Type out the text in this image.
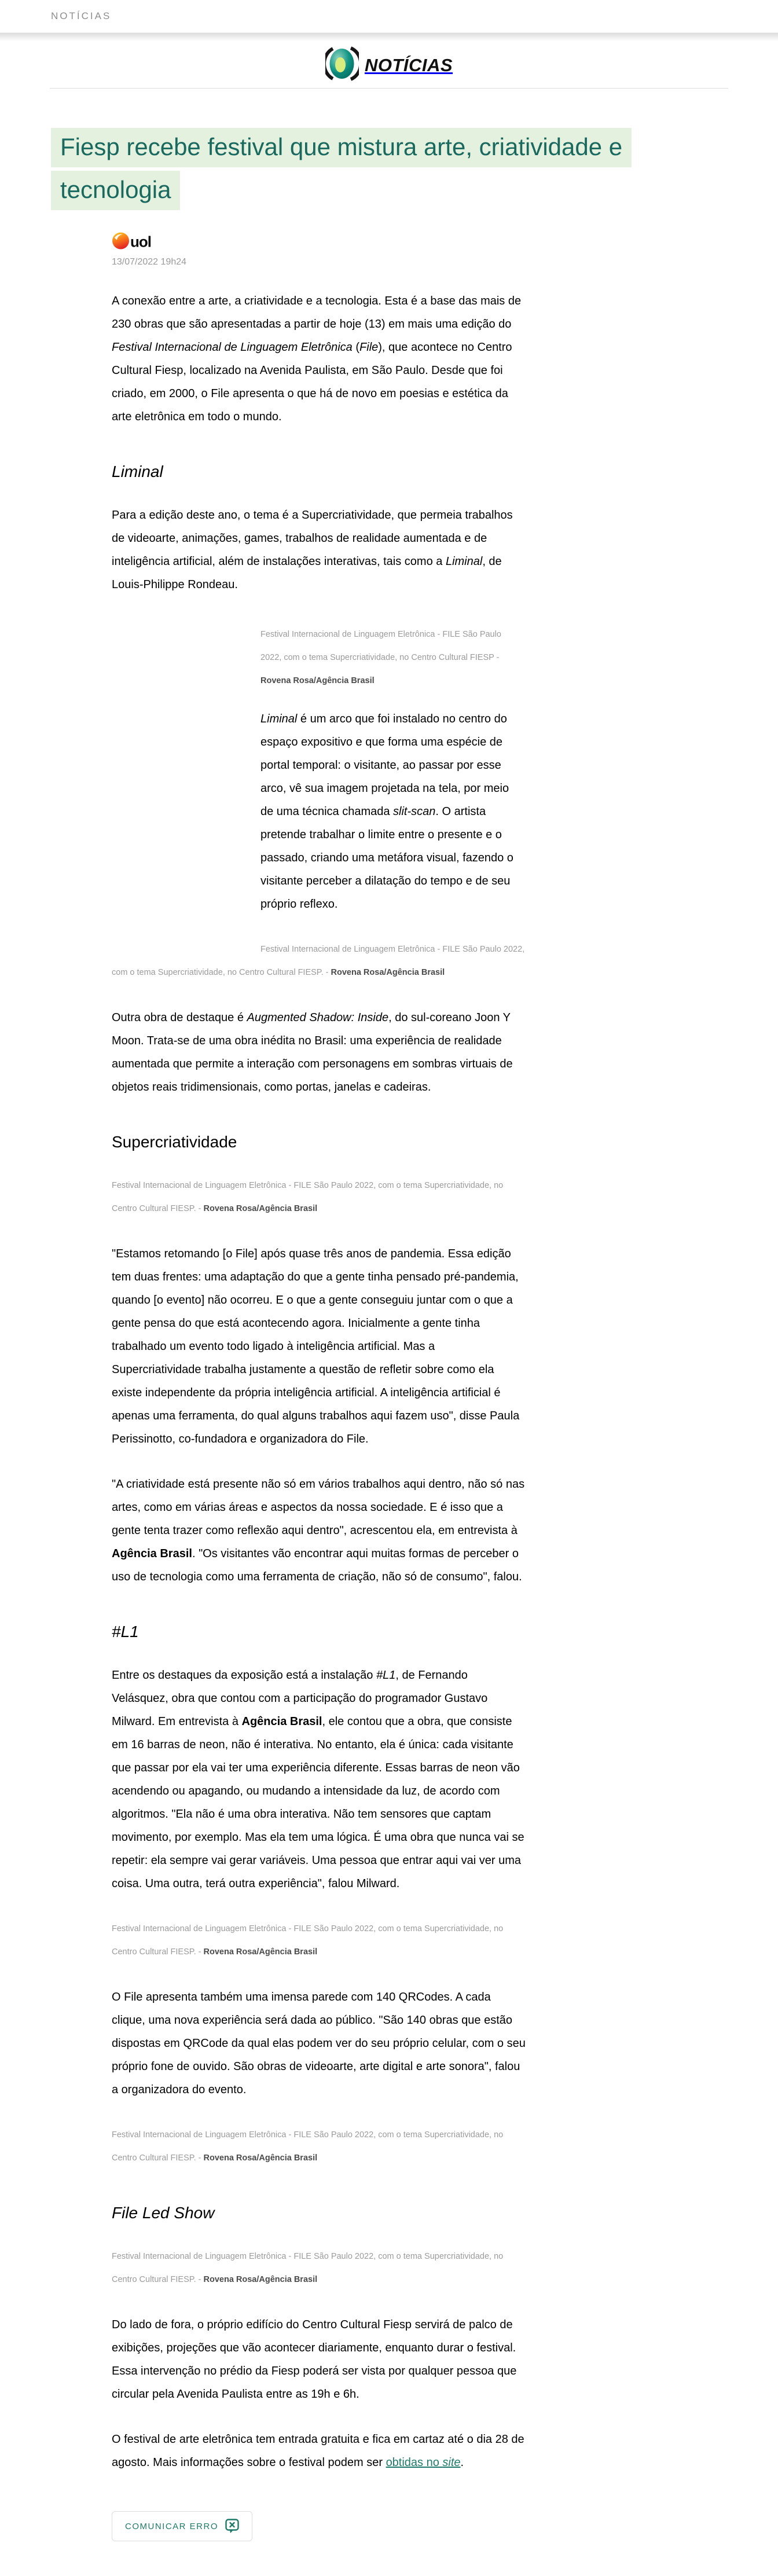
NOTÍCIAS
NOTÍCIAS
Fiesp recebe festival que mistura arte, criatividade e
tecnologia
uol
13/07/2022 19h24

A conexão entre a arte, a criatividade e a tecnologia. Esta é a base das mais de 230 obras que são apresentadas a partir de hoje (13) em mais uma edição do Festival Internacional de Linguagem Eletrônica (File), que acontece no Centro Cultural Fiesp, localizado na Avenida Paulista, em São Paulo. Desde que foi criado, em 2000, o File apresenta o que há de novo em poesias e estética da arte eletrônica em todo o mundo.

Liminal

Para a edição deste ano, o tema é a Supercriatividade, que permeia trabalhos de videoarte, animações, games, trabalhos de realidade aumentada e de inteligência artificial, além de instalações interativas, tais como a Liminal, de Louis-Philippe Rondeau.

Festival Internacional de Linguagem Eletrônica - FILE São Paulo 2022, com o tema Supercriatividade, no Centro Cultural FIESP -
Rovena Rosa/Agência Brasil

Liminal é um arco que foi instalado no centro do espaço expositivo e que forma uma espécie de portal temporal: o visitante, ao passar por esse arco, vê sua imagem projetada na tela, por meio de uma técnica chamada slit-scan. O artista pretende trabalhar o limite entre o presente e o passado, criando uma metáfora visual, fazendo o visitante perceber a dilatação do tempo e de seu próprio reflexo.

Festival Internacional de Linguagem Eletrônica - FILE São Paulo 2022, com o tema Supercriatividade, no Centro Cultural FIESP. - Rovena Rosa/Agência Brasil

Outra obra de destaque é Augmented Shadow: Inside, do sul-coreano Joon Y Moon. Trata-se de uma obra inédita no Brasil: uma experiência de realidade aumentada que permite a interação com personagens em sombras virtuais de objetos reais tridimensionais, como portas, janelas e cadeiras.

Supercriatividade

Festival Internacional de Linguagem Eletrônica - FILE São Paulo 2022, com o tema Supercriatividade, no Centro Cultural FIESP. - Rovena Rosa/Agência Brasil

"Estamos retomando [o File] após quase três anos de pandemia. Essa edição tem duas frentes: uma adaptação do que a gente tinha pensado pré-pandemia, quando [o evento] não ocorreu. E o que a gente conseguiu juntar com o que a gente pensa do que está acontecendo agora. Inicialmente a gente tinha trabalhado um evento todo ligado à inteligência artificial. Mas a Supercriatividade trabalha justamente a questão de refletir sobre como ela existe independente da própria inteligência artificial. A inteligência artificial é apenas uma ferramenta, do qual alguns trabalhos aqui fazem uso", disse Paula Perissinotto, co-fundadora e organizadora do File.

"A criatividade está presente não só em vários trabalhos aqui dentro, não só nas artes, como em várias áreas e aspectos da nossa sociedade. E é isso que a gente tenta trazer como reflexão aqui dentro", acrescentou ela, em entrevista à Agência Brasil. "Os visitantes vão encontrar aqui muitas formas de perceber o uso de tecnologia como uma ferramenta de criação, não só de consumo", falou.

#L1

Entre os destaques da exposição está a instalação #L1, de Fernando Velásquez, obra que contou com a participação do programador Gustavo Milward. Em entrevista à Agência Brasil, ele contou que a obra, que consiste em 16 barras de neon, não é interativa. No entanto, ela é única: cada visitante que passar por ela vai ter uma experiência diferente. Essas barras de neon vão acendendo ou apagando, ou mudando a intensidade da luz, de acordo com algoritmos. "Ela não é uma obra interativa. Não tem sensores que captam movimento, por exemplo. Mas ela tem uma lógica. É uma obra que nunca vai se repetir: ela sempre vai gerar variáveis. Uma pessoa que entrar aqui vai ver uma coisa. Uma outra, terá outra experiência", falou Milward.

Festival Internacional de Linguagem Eletrônica - FILE São Paulo 2022, com o tema Supercriatividade, no Centro Cultural FIESP. - Rovena Rosa/Agência Brasil

O File apresenta também uma imensa parede com 140 QRCodes. A cada clique, uma nova experiência será dada ao público. "São 140 obras que estão dispostas em QRCode da qual elas podem ver do seu próprio celular, com o seu próprio fone de ouvido. São obras de videoarte, arte digital e arte sonora", falou a organizadora do evento.

Festival Internacional de Linguagem Eletrônica - FILE São Paulo 2022, com o tema Supercriatividade, no Centro Cultural FIESP. - Rovena Rosa/Agência Brasil

File Led Show

Festival Internacional de Linguagem Eletrônica - FILE São Paulo 2022, com o tema Supercriatividade, no Centro Cultural FIESP. - Rovena Rosa/Agência Brasil

Do lado de fora, o próprio edifício do Centro Cultural Fiesp servirá de palco de exibições, projeções que vão acontecer diariamente, enquanto durar o festival. Essa intervenção no prédio da Fiesp poderá ser vista por qualquer pessoa que circular pela Avenida Paulista entre as 19h e 6h.

O festival de arte eletrônica tem entrada gratuita e fica em cartaz até o dia 28 de agosto. Mais informações sobre o festival podem ser obtidas no site.

COMUNICAR ERRO
